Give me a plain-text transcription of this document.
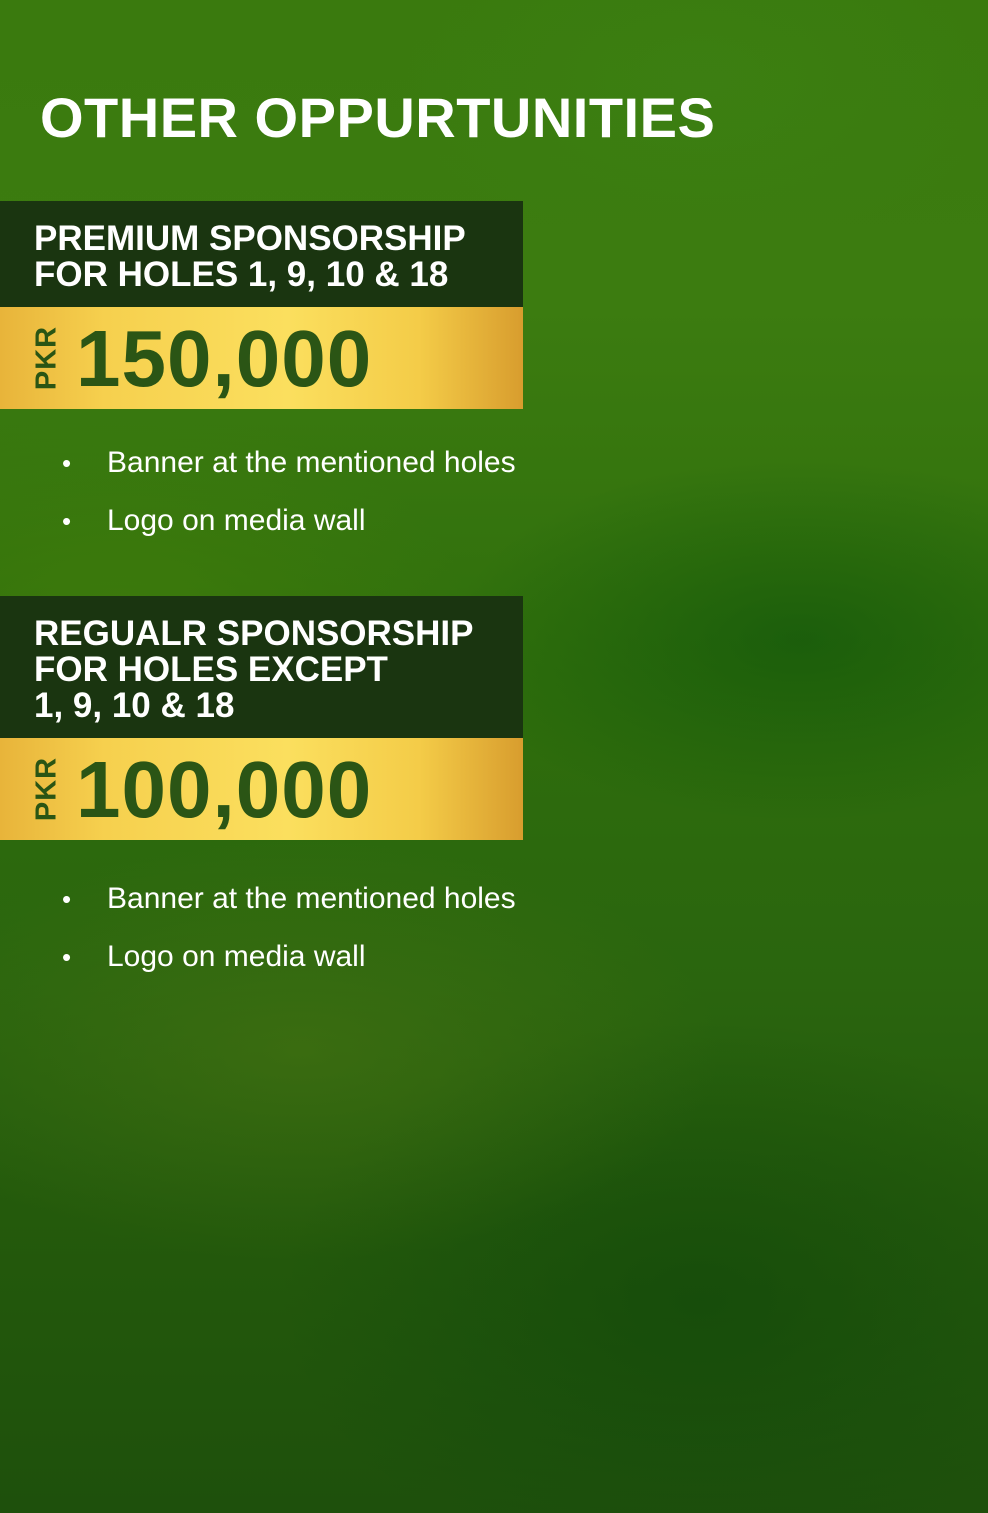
OTHER OPPURTUNITIES
PREMIUM SPONSORSHIP
FOR HOLES 1, 9, 10 & 18
PKR 150,000
• Banner at the mentioned holes
• Logo on media wall
REGUALR SPONSORSHIP
FOR HOLES EXCEPT
1, 9, 10 & 18
PKR 100,000
• Banner at the mentioned holes
• Logo on media wall
